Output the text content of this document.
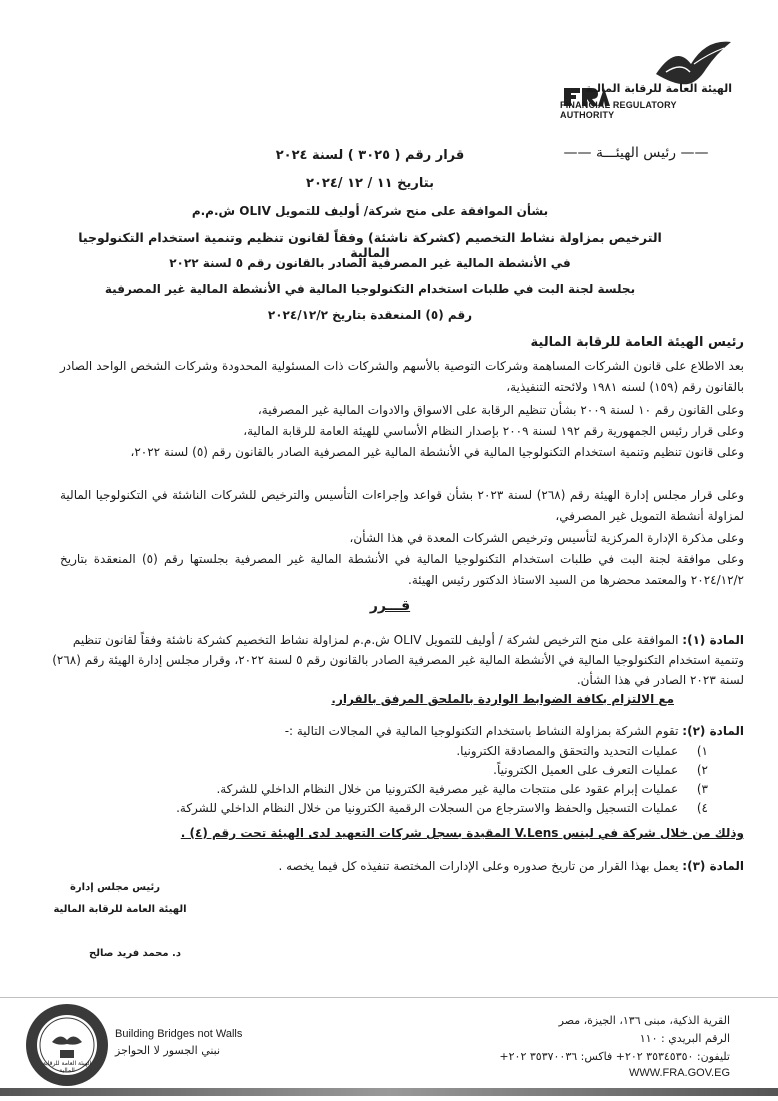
الهيئة العامة للرقابة المالية
FINANCIAL REGULATORY AUTHORITY
—— رئيس الهيئـــة ——
قرار رقم ( ٣٠٢٥ ) لسنة ٢٠٢٤
بتاريخ ١١ / ١٢ /٢٠٢٤
بشأن الموافقة على منح شركة/ أوليف للتمويل OLIV ش.م.م
الترخيص بمزاولة نشاط التخصيم (كشركة ناشئة) وفقاً لقانون تنظيم وتنمية استخدام التكنولوجيا المالية
في الأنشطة المالية غير المصرفية الصادر بالقانون رقم ٥ لسنة ٢٠٢٢
بجلسة لجنة البت في طلبات استخدام التكنولوجيا المالية في الأنشطة المالية غير المصرفية
رقم (٥) المنعقدة بتاريخ ٢٠٢٤/١٢/٢
رئيس الهيئة العامة للرقابة المالية
بعد الاطلاع على قانون الشركات المساهمة وشركات التوصية بالأسهم والشركات ذات المسئولية المحدودة وشركات الشخص الواحد الصادر بالقانون رقم (١٥٩) لسنه ١٩٨١ ولائحته التنفيذية،
وعلى القانون رقم ١٠ لسنة ٢٠٠٩ بشأن تنظيم الرقابة على الاسواق والادوات المالية غير المصرفية،
وعلى قرار رئيس الجمهورية رقم ١٩٢ لسنة ٢٠٠٩ بإصدار النظام الأساسي للهيئة العامة للرقابة المالية،
وعلى قانون تنظيم وتنمية استخدام التكنولوجيا المالية في الأنشطة المالية غير المصرفية الصادر بالقانون رقم (٥) لسنة ٢٠٢٢،
وعلى قرار مجلس إدارة الهيئة رقم (٢٦٨) لسنة ٢٠٢٣ بشأن قواعد وإجراءات التأسيس والترخيص للشركات الناشئة في التكنولوجيا المالية لمزاولة أنشطة التمويل غير المصرفي،
وعلى مذكرة الإدارة المركزية لتأسيس وترخيص الشركات المعدة في هذا الشأن،
وعلى موافقة لجنة البت في طلبات استخدام التكنولوجيا المالية في الأنشطة المالية غير المصرفية بجلستها رقم (٥) المنعقدة بتاريخ ٢٠٢٤/١٢/٢ والمعتمد محضرها من السيد الاستاذ الدكتور رئيس الهيئة.
قـــرر
المادة (١): الموافقة على منح الترخيص لشركة / أوليف للتمويل OLIV ش.م.م لمزاولة نشاط التخصيم كشركة ناشئة وفقاً لقانون تنظيم وتنمية استخدام التكنولوجيا المالية في الأنشطة المالية غير المصرفية الصادر بالقانون رقم ٥ لسنة ٢٠٢٢، وقرار مجلس إدارة الهيئة رقم (٢٦٨) لسنة ٢٠٢٣ الصادر في هذا الشأن.
مع الالتزام بكافة الضوابط الواردة بالملحق المرفق بالقرار.
المادة (٢): تقوم الشركة بمزاولة النشاط باستخدام التكنولوجيا المالية في المجالات التالية :-
١) عمليات التحديد والتحقق والمصادقة الكترونيا.
٢) عمليات التعرف على العميل الكترونياً.
٣) عمليات إبرام عقود على منتجات مالية غير مصرفية الكترونيا من خلال النظام الداخلي للشركة.
٤) عمليات التسجيل والحفظ والاسترجاع من السجلات الرقمية الكترونيا من خلال النظام الداخلي للشركة.
وذلك من خلال شركة في لينس V.Lens المقيدة بسجل شركات التعهيد لدى الهيئة تحت رقم (٤) .
المادة (٣): يعمل بهذا القرار من تاريخ صدوره وعلى الإدارات المختصة تنفيذه كل فيما يخصه .
رئيس مجلس إدارة
الهيئة العامة للرقابة المالية
د. محمد فريد صالح
الهيئة العامة للرقابة المالية
Building Bridges not Walls
نبني الجسور لا الحواجز
القرية الذكية، مبنى ١٣٦، الجيزة، مصر
الرقم البريدي : ١١٠
تليفون: ٣٥٣٤٥٣٥٠ ٢٠٢+ فاكس: ٣٥٣٧٠٠٣٦ ٢٠٢+
WWW.FRA.GOV.EG
